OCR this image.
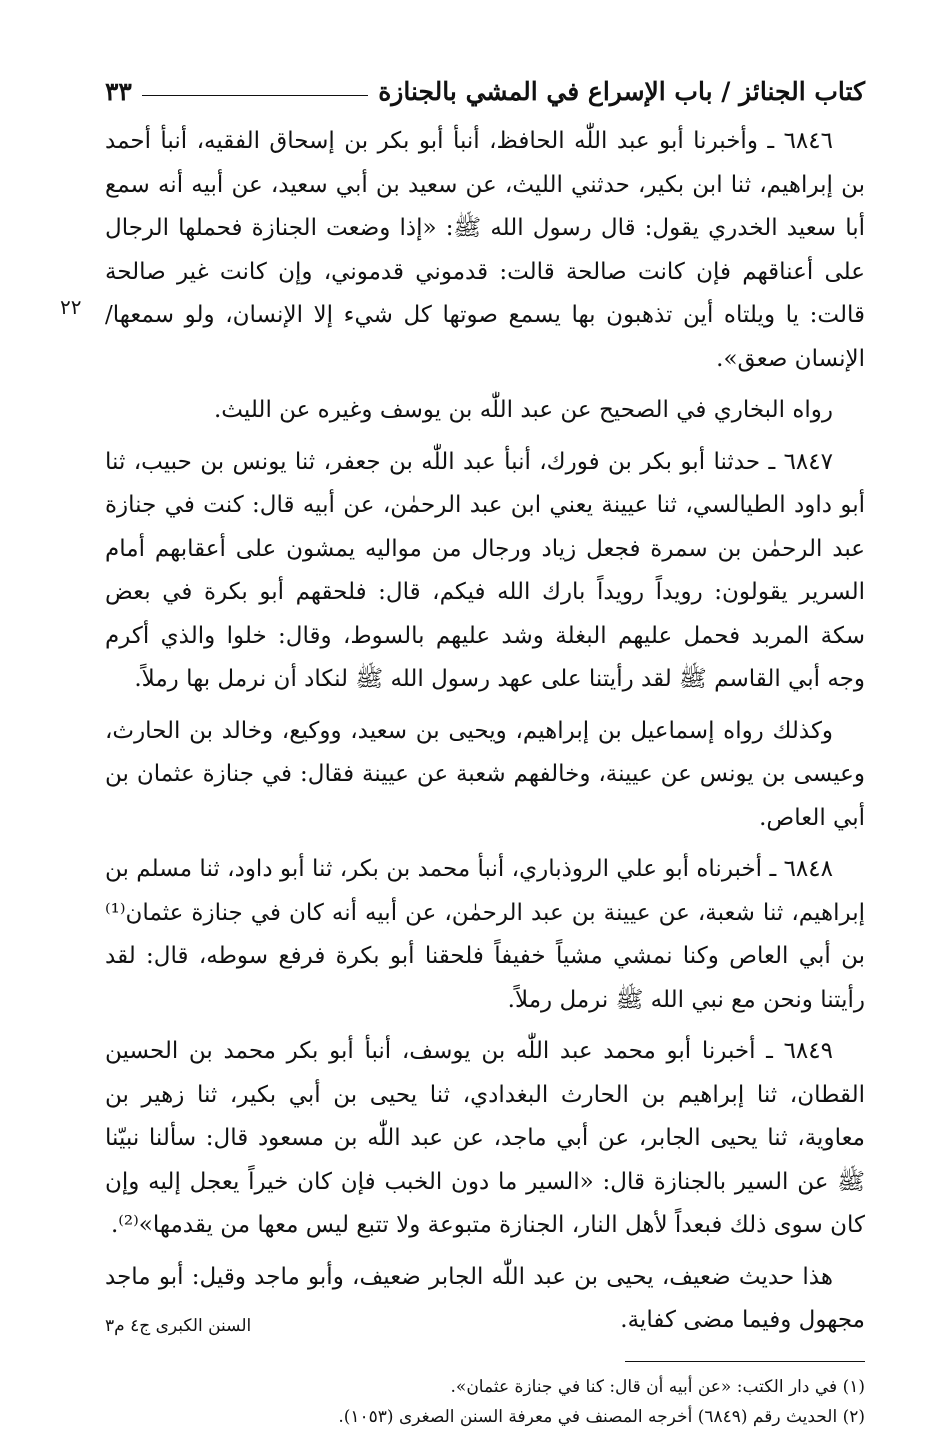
كتاب الجنائز / باب الإسراع في المشي بالجنازة
٣٣

٦٨٤٦ ـ وأخبرنا أبو عبد اللّٰه الحافظ، أنبأ أبو بكر بن إسحاق الفقيه، أنبأ أحمد بن إبراهيم، ثنا ابن بكير، حدثني الليث، عن سعيد بن أبي سعيد، عن أبيه أنه سمع أبا سعيد الخدري يقول: قال رسول الله ﷺ: «إذا وضعت الجنازة فحملها الرجال على أعناقهم فإن كانت صالحة قالت: قدموني قدموني، وإن كانت غير صالحة قالت: يا ويلتاه أين تذهبون بها يسمع صوتها كل شيء إلا الإنسان، ولو سمعها/ الإنسان صعق».

رواه البخاري في الصحيح عن عبد اللّٰه بن يوسف وغيره عن الليث.

٦٨٤٧ ـ حدثنا أبو بكر بن فورك، أنبأ عبد اللّٰه بن جعفر، ثنا يونس بن حبيب، ثنا أبو داود الطيالسي، ثنا عيينة يعني ابن عبد الرحمٰن، عن أبيه قال: كنت في جنازة عبد الرحمٰن بن سمرة فجعل زياد ورجال من مواليه يمشون على أعقابهم أمام السرير يقولون: رويداً رويداً بارك الله فيكم، قال: فلحقهم أبو بكرة في بعض سكة المربد فحمل عليهم البغلة وشد عليهم بالسوط، وقال: خلوا والذي أكرم وجه أبي القاسم ﷺ لقد رأيتنا على عهد رسول الله ﷺ لنكاد أن نرمل بها رملاً.

وكذلك رواه إسماعيل بن إبراهيم، ويحيى بن سعيد، ووكيع، وخالد بن الحارث، وعيسى بن يونس عن عيينة، وخالفهم شعبة عن عيينة فقال: في جنازة عثمان بن أبي العاص.

٦٨٤٨ ـ أخبرناه أبو علي الروذباري، أنبأ محمد بن بكر، ثنا أبو داود، ثنا مسلم بن إبراهيم، ثنا شعبة، عن عيينة بن عبد الرحمٰن، عن أبيه أنه كان في جنازة عثمان⁽¹⁾ بن أبي العاص وكنا نمشي مشياً خفيفاً فلحقنا أبو بكرة فرفع سوطه، قال: لقد رأيتنا ونحن مع نبي الله ﷺ نرمل رملاً.

٦٨٤٩ ـ أخبرنا أبو محمد عبد اللّٰه بن يوسف، أنبأ أبو بكر محمد بن الحسين القطان، ثنا إبراهيم بن الحارث البغدادي، ثنا يحيى بن أبي بكير، ثنا زهير بن معاوية، ثنا يحيى الجابر، عن أبي ماجد، عن عبد اللّٰه بن مسعود قال: سألنا نبيّنا ﷺ عن السير بالجنازة قال: «السير ما دون الخبب فإن كان خيراً يعجل إليه وإن كان سوى ذلك فبعداً لأهل النار، الجنازة متبوعة ولا تتبع ليس معها من يقدمها»⁽²⁾.

هذا حديث ضعيف، يحيى بن عبد اللّٰه الجابر ضعيف، وأبو ماجد وقيل: أبو ماجد مجهول وفيما مضى كفاية.

(١) في دار الكتب: «عن أبيه أن قال: كنا في جنازة عثمان».

(٢) الحديث رقم (٦٨٤٩) أخرجه المصنف في معرفة السنن الصغرى (١٠٥٣).

٢٢
السنن الكبرى ج٤ م٣
